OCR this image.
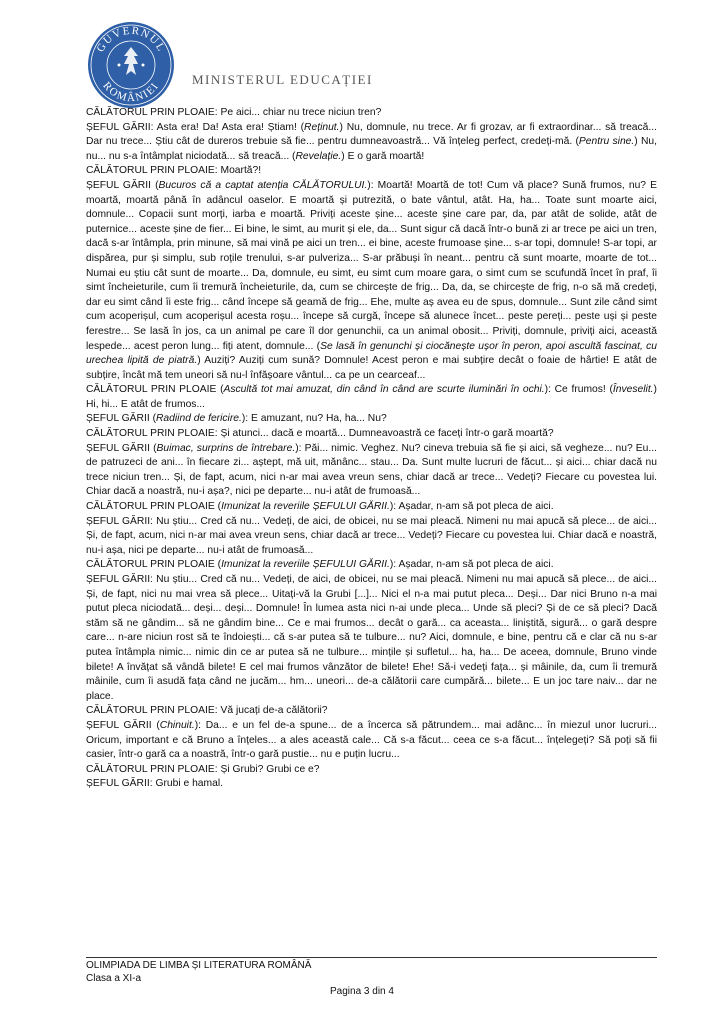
GUVERNUL
ROMÂNIEI MINISTERUL EDUCAȚIEI

CĂLĂTORUL PRIN PLOAIE: Pe aici... chiar nu trece niciun tren?

ȘEFUL GĂRII: Asta era! Da! Asta era! Știam! (Reținut.) Nu, domnule, nu trece. Ar fi grozav, ar fi extraordinar... să treacă... Dar nu trece... Știu cât de dureros trebuie să fie... pentru dumneavoastră... Vă înțeleg perfect, credeți-mă. (Pentru sine.) Nu, nu... nu s-a întâmplat niciodată... să treacă... (Revelație.) E o gară moartă!

CĂLĂTORUL PRIN PLOAIE: Moartă?!

ȘEFUL GĂRII (Bucuros că a captat atenția CĂLĂTORULUI.): Moartă! Moartă de tot! Cum vă place? Sună frumos, nu? E moartă, moartă până în adâncul oaselor. E moartă și putrezită, o bate vântul, atât. Ha, ha... Toate sunt moarte aici, domnule... Copacii sunt morți, iarba e moartă. Priviți aceste șine... aceste șine care par, da, par atât de solide, atât de puternice... aceste șine de fier... Ei bine, le simt, au murit și ele, da... Sunt sigur că dacă într-o bună zi ar trece pe aici un tren, dacă s-ar întâmpla, prin minune, să mai vină pe aici un tren... ei bine, aceste frumoase șine... s-ar topi, domnule! S-ar topi, ar dispărea, pur și simplu, sub roțile trenului, s-ar pulveriza... S-ar prăbuși în neant... pentru că sunt moarte, moarte de tot... Numai eu știu cât sunt de moarte... Da, domnule, eu simt, eu simt cum moare gara, o simt cum se scufundă încet în praf, îi simt încheieturile, cum îi tremură încheieturile, da, cum se chircește de frig... Da, da, se chircește de frig, n-o să mă credeți, dar eu simt când îi este frig... când începe să geamă de frig... Ehe, multe aș avea eu de spus, domnule... Sunt zile când simt cum acoperișul, cum acoperișul acesta roșu... începe să curgă, începe să alunece încet... peste pereți... peste uși și peste ferestre... Se lasă în jos, ca un animal pe care îl dor genunchii, ca un animal obosit... Priviți, domnule, priviți aici, această lespede... acest peron lung... fiți atent, domnule... (Se lasă în genunchi și ciocănește ușor în peron, apoi ascultă fascinat, cu urechea lipită de piatră.) Auziți? Auziți cum sună? Domnule! Acest peron e mai subțire decât o foaie de hârtie! E atât de subțire, încât mă tem uneori să nu-l înfășoare vântul... ca pe un cearceaf...

CĂLĂTORUL PRIN PLOAIE (Ascultă tot mai amuzat, din când în când are scurte iluminări în ochi.): Ce frumos! (Înveselit.) Hi, hi... E atât de frumos...

ȘEFUL GĂRII (Radiind de fericire.): E amuzant, nu? Ha, ha... Nu?

CĂLĂTORUL PRIN PLOAIE: Și atunci... dacă e moartă... Dumneavoastră ce faceți într-o gară moartă?

ȘEFUL GĂRII (Buimac, surprins de întrebare.): Păi... nimic. Veghez. Nu? cineva trebuia să fie și aici, să vegheze... nu? Eu... de patruzeci de ani... în fiecare zi... aștept, mă uit, mănânc... stau... Da. Sunt multe lucruri de făcut... și aici... chiar dacă nu trece niciun tren... Și, de fapt, acum, nici n-ar mai avea vreun sens, chiar dacă ar trece... Vedeți? Fiecare cu povestea lui. Chiar dacă a noastră, nu-i așa?, nici pe departe... nu-i atât de frumoasă...

CĂLĂTORUL PRIN PLOAIE (Imunizat la reveriile ȘEFULUI GĂRII.): Așadar, n-am să pot pleca de aici.

ȘEFUL GĂRII: Nu știu... Cred că nu... Vedeți, de aici, de obicei, nu se mai pleacă. Nimeni nu mai apucă să plece... de aici... Și, de fapt, acum, nici n-ar mai avea vreun sens, chiar dacă ar trece... Vedeți? Fiecare cu povestea lui. Chiar dacă e noastră, nu-i așa, nici pe departe... nu-i atât de frumoasă...

CĂLĂTORUL PRIN PLOAIE (Imunizat la reveriile ȘEFULUI GĂRII.): Așadar, n-am să pot pleca de aici.

ȘEFUL GĂRII: Nu știu... Cred că nu... Vedeți, de aici, de obicei, nu se mai pleacă. Nimeni nu mai apucă să plece... de aici... Și, de fapt, nici nu mai vrea să plece... Uitați-vă la Grubi [...]... Nici el n-a mai putut pleca... Deși... Dar nici Bruno n-a mai putut pleca niciodată... deși... deși... Domnule! În lumea asta nici n-ai unde pleca... Unde să pleci? Și de ce să pleci? Dacă stăm să ne gândim... să ne gândim bine... Ce e mai frumos... decât o gară... ca aceasta... liniștită, sigură... o gară despre care... n-are niciun rost să te îndoiești... că s-ar putea să te tulbure... nu? Aici, domnule, e bine, pentru că e clar că nu s-ar putea întâmpla nimic... nimic din ce ar putea să ne tulbure... mințile și sufletul... ha, ha... De aceea, domnule, Bruno vinde bilete! A învățat să vândă bilete! E cel mai frumos vânzător de bilete! Ehe! Să-i vedeți fața... și mâinile, da, cum îi tremură mâinile, cum îi asudă fața când ne jucăm... hm... uneori... de-a călătorii care cumpără... bilete... E un joc tare naiv... dar ne place.

CĂLĂTORUL PRIN PLOAIE: Vă jucați de-a călătorii?

ȘEFUL GĂRII (Chinuit.): Da... e un fel de-a spune... de a încerca să pătrundem... mai adânc... în miezul unor lucruri... Oricum, important e că Bruno a înțeles... a ales această cale... Că s-a făcut... ceea ce s-a făcut... înțelegeți? Să poți să fii casier, într-o gară ca a noastră, într-o gară pustie... nu e puțin lucru...

CĂLĂTORUL PRIN PLOAIE: Și Grubi? Grubi ce e?

ȘEFUL GĂRII: Grubi e hamal.

OLIMPIADA DE LIMBA ȘI LITERATURA ROMÂNĂ
Clasa a XI-a
Pagina 3 din 4
